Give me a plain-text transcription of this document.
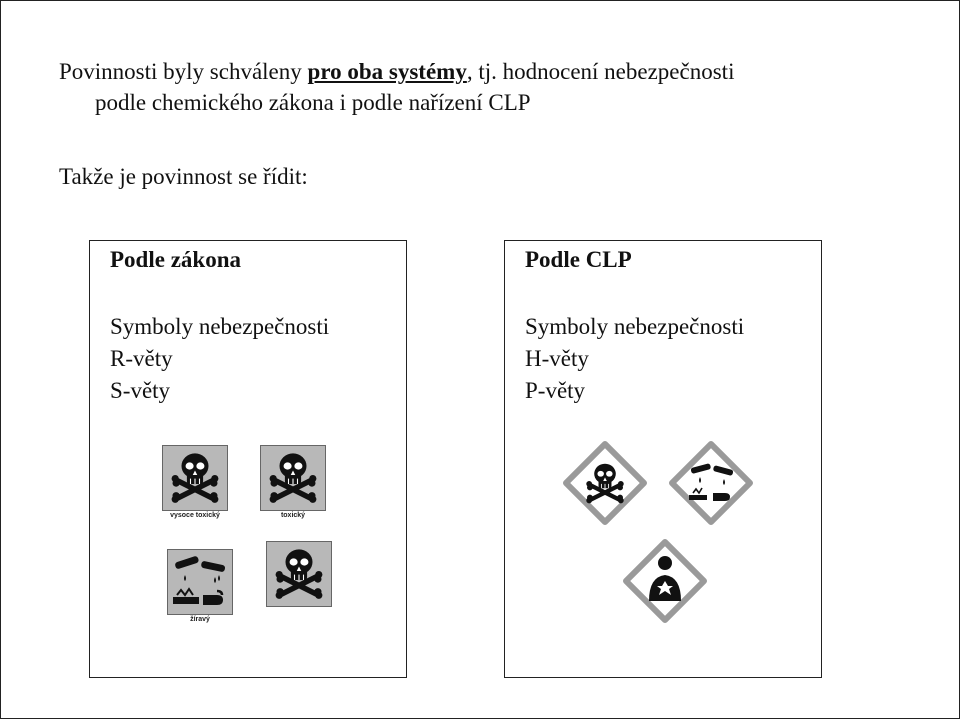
Povinnosti byly schváleny pro oba systémy, tj. hodnocení nebezpečnosti
podle chemického zákona i podle nařízení CLP
Takže je povinnost se řídit:
Podle zákona
Symboly nebezpečnosti
R-věty
S-věty
vysoce toxický	toxický
žíravý
Podle CLP
Symboly nebezpečnosti
H-věty
P-věty
